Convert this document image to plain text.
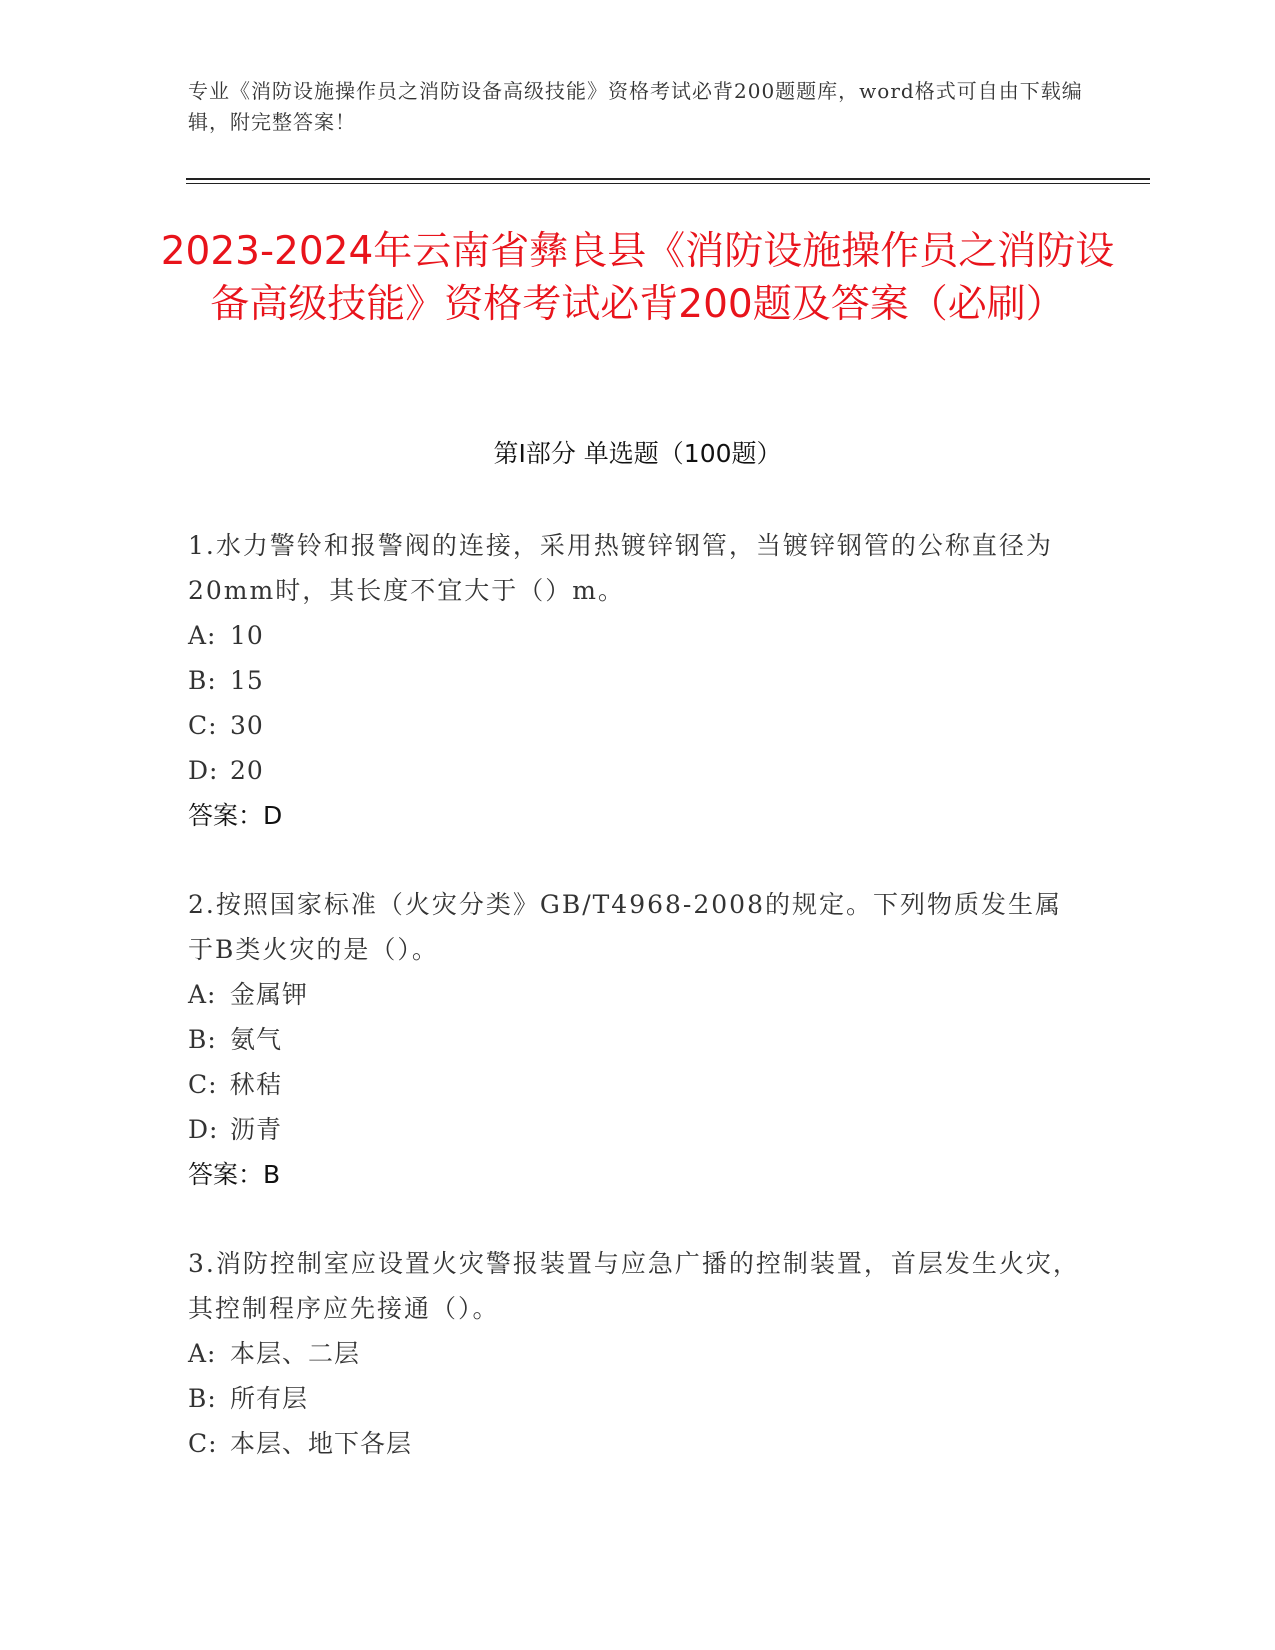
专业《消防设施操作员之消防设备高级技能》资格考试必背200题题库，word格式可自由下载编辑，附完整答案！
2023-2024年云南省彝良县《消防设施操作员之消防设备高级技能》资格考试必背200题及答案（必刷）
第Ⅰ部分 单选题（100题）

1.水力警铃和报警阀的连接，采用热镀锌钢管，当镀锌钢管的公称直径为20mm时，其长度不宜大于（）m。

A: 10

B: 15

C: 30

D: 20

答案：D

2.按照国家标准（火灾分类》GB/T4968-2008的规定。下列物质发生属于B类火灾的是（）。

A: 金属钾

B: 氨气

C: 秫秸

D: 沥青

答案：B

3.消防控制室应设置火灾警报装置与应急广播的控制装置，首层发生火灾，其控制程序应先接通（）。

A: 本层、二层

B: 所有层

C: 本层、地下各层
